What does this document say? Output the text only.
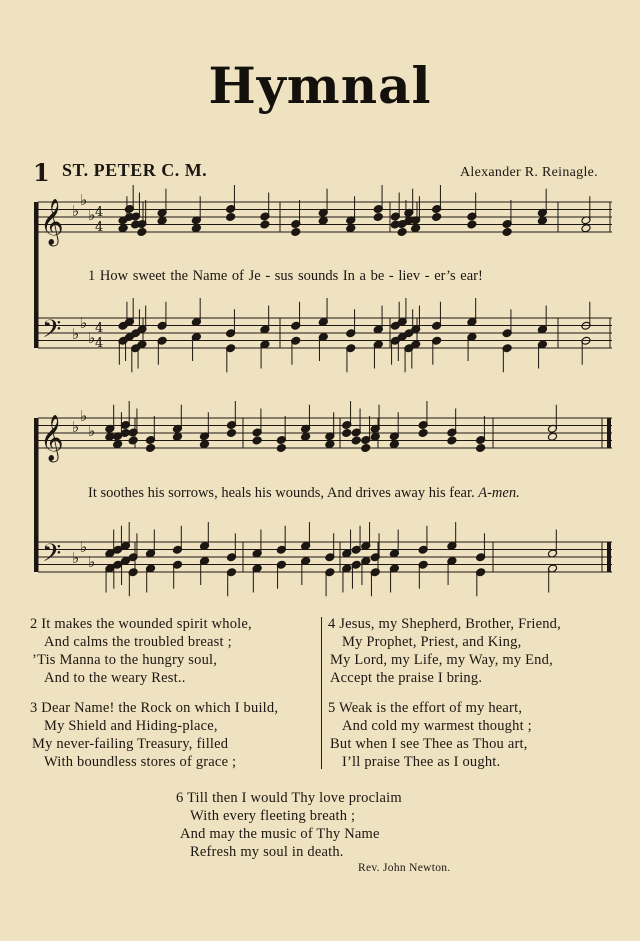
Hymnal
1 ST. PETER C. M.	Alexander R. Reinagle.
𝄞
𝄢
♭
♭
♭
♭
♭
♭
4
4
4
4
𝄞
𝄢
♭
♭
♭
♭
♭
♭
1 How sweet the Name of Je - sus sounds In a be - liev - er’s ear!
It soothes his sorrows, heals his wounds, And drives away his fear. A-men.
2 It makes the wounded spirit whole,
And calms the troubled breast ;
’Tis Manna to the hungry soul,
And to the weary Rest..
3 Dear Name! the Rock on which I build,
My Shield and Hiding-place,
My never-failing Treasury, filled
With boundless stores of grace ;
4 Jesus, my Shepherd, Brother, Friend,
My Prophet, Priest, and King,
My Lord, my Life, my Way, my End,
Accept the praise I bring.
5 Weak is the effort of my heart,
And cold my warmest thought ;
But when I see Thee as Thou art,
I’ll praise Thee as I ought.
6 Till then I would Thy love proclaim
With every fleeting breath ;
And may the music of Thy Name
Refresh my soul in death.
Rev. John Newton.
